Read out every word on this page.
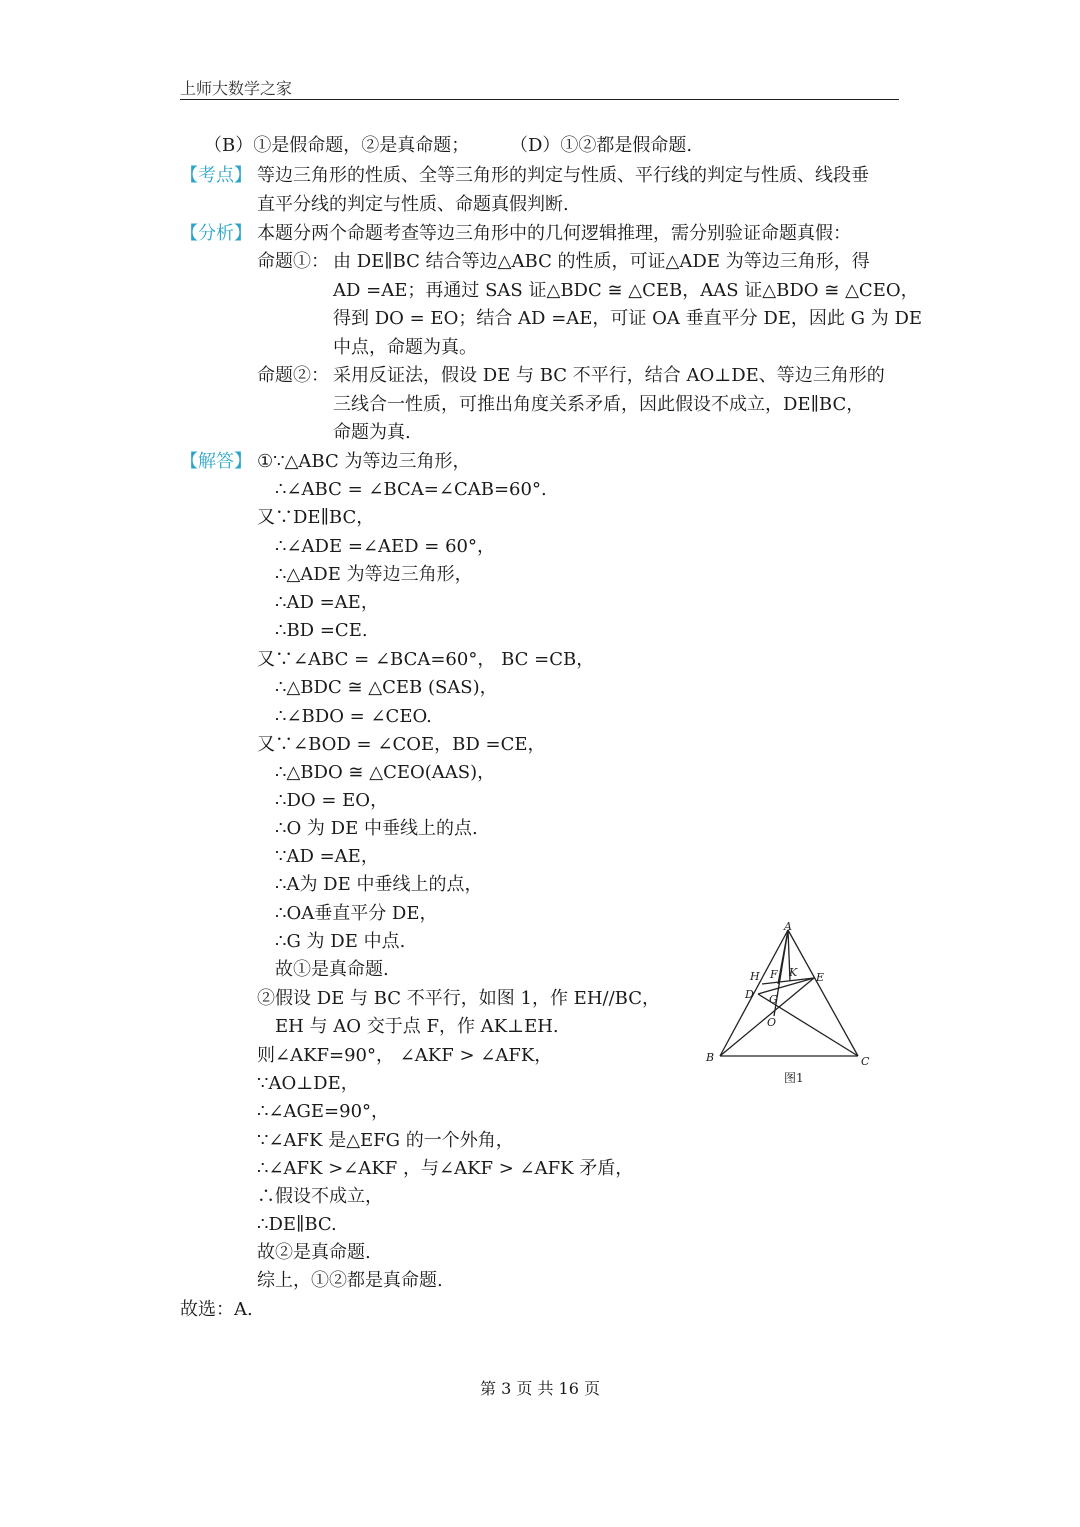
上师大数学之家
（B）①是假命题，②是真命题； （D）①②都是假命题.
【考点】 等边三角形的性质、全等三角形的判定与性质、平行线的判定与性质、线段垂
直平分线的判定与性质、命题真假判断.
【分析】 本题分两个命题考查等边三角形中的几何逻辑推理，需分别验证命题真假：
命题①： 由 DE∥BC 结合等边△ABC 的性质，可证△ADE 为等边三角形，得
AD =AE；再通过 SAS 证△BDC ≅ △CEB，AAS 证△BDO ≅ △CEO，
得到 DO = EO；结合 AD =AE，可证 OA 垂直平分 DE，因此 G 为 DE
中点，命题为真。
命题②： 采用反证法，假设 DE 与 BC 不平行，结合 AO⊥DE、等边三角形的
三线合一性质，可推出角度关系矛盾，因此假设不成立，DE∥BC，
命题为真.
【解答】 ①∵△ABC 为等边三角形，
∴∠ABC = ∠BCA=∠CAB=60°.
又∵DE∥BC，
∴∠ADE =∠AED = 60°，
∴△ADE 为等边三角形，
∴AD =AE，
∴BD =CE.
又∵∠ABC = ∠BCA=60°， BC =CB，
∴△BDC ≅ △CEB (SAS)，
∴∠BDO = ∠CEO.
又∵∠BOD = ∠COE，BD =CE，
∴△BDO ≅ △CEO(AAS)，
∴DO = EO，
∴O 为 DE 中垂线上的点.
∵AD =AE，
∴A为 DE 中垂线上的点，
∴OA垂直平分 DE，
∴G 为 DE 中点.
故①是真命题.
②假设 DE 与 BC 不平行，如图 1，作 EH//BC，
EH 与 AO 交于点 F，作 AK⊥EH.
则∠AKF=90°， ∠AKF > ∠AFK，
∵AO⊥DE，
∴∠AGE=90°，
∵∠AFK 是△EFG 的一个外角，
∴∠AFK >∠AKF ，与∠AKF > ∠AFK 矛盾，
∴假设不成立，
∴DE∥BC.
故②是真命题.
综上，①②都是真命题.
故选：A.
A
B	C
D
E
F
G
H	K
O
图1
第 3 页 共 16 页
